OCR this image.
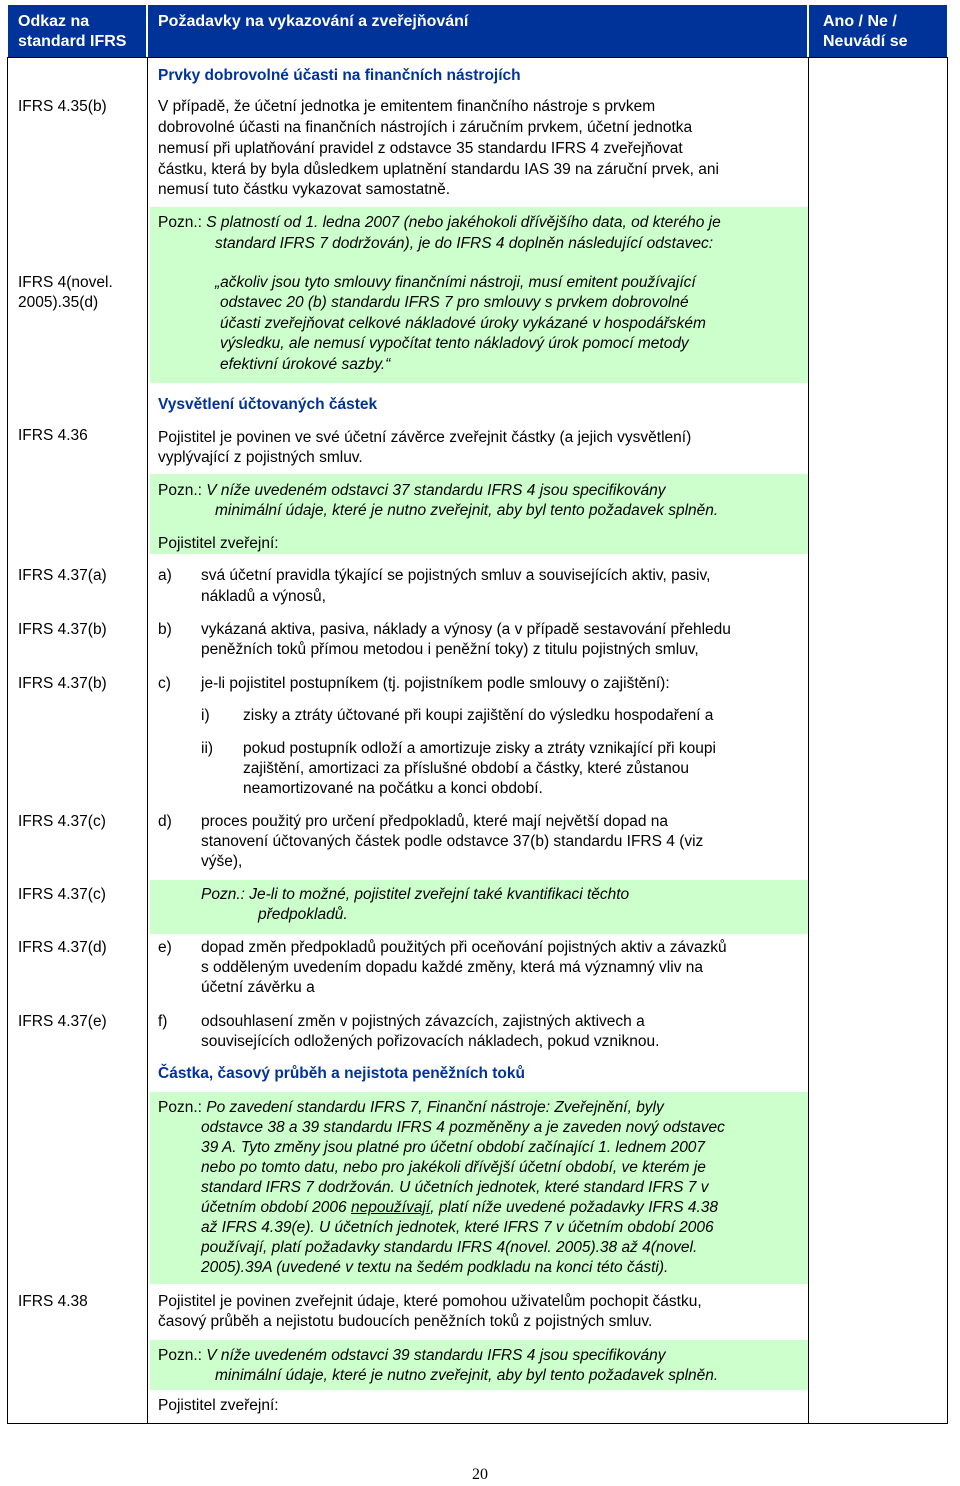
Odkaz na standard IFRS
Požadavky na vykazování a zveřejňování	Ano / Ne / Neuvádí se
IFRS 4.35(b)
IFRS 4(novel.
2005).35(d)
IFRS 4.36
IFRS 4.37(a)
IFRS 4.37(b)
IFRS 4.37(b)
IFRS 4.37(c)
IFRS 4.37(c)
IFRS 4.37(d)
IFRS 4.37(e)
IFRS 4.38
Prvky dobrovolné účasti na finančních nástrojích
V případě, že účetní jednotka je emitentem finančního nástroje s prvkem
dobrovolné účasti na finančních nástrojích i záručním prvkem, účetní jednotka
nemusí při uplatňování pravidel z odstavce 35 standardu IFRS 4 zveřejňovat
částku, která by byla důsledkem uplatnění standardu IAS 39 na záruční prvek, ani
nemusí tuto částku vykazovat samostatně.
Pozn.: S platností od 1. ledna 2007 (nebo jakéhokoli dřívějšího data, od kterého je
standard IFRS 7 dodržován), je do IFRS 4 doplněn následující odstavec:
„ačkoliv jsou tyto smlouvy finančními nástroji, musí emitent používající
odstavec 20 (b) standardu IFRS 7 pro smlouvy s prvkem dobrovolné
účasti zveřejňovat celkové nákladové úroky vykázané v hospodářském
výsledku, ale nemusí vypočítat tento nákladový úrok pomocí metody
efektivní úrokové sazby.“
Vysvětlení účtovaných částek
Pojistitel je povinen ve své účetní závěrce zveřejnit částky (a jejich vysvětlení)
vyplývající z pojistných smluv.
Pozn.: V níže uvedeném odstavci 37 standardu IFRS 4 jsou specifikovány
minimální údaje, které je nutno zveřejnit, aby byl tento požadavek splněn.
Pojistitel zveřejní:
a) svá účetní pravidla týkající se pojistných smluv a souvisejících aktiv, pasiv,
nákladů a výnosů,
b) vykázaná aktiva, pasiva, náklady a výnosy (a v případě sestavování přehledu
peněžních toků přímou metodou i peněžní toky) z titulu pojistných smluv,
c) je-li pojistitel postupníkem (tj. pojistníkem podle smlouvy o zajištění):
i) zisky a ztráty účtované při koupi zajištění do výsledku hospodaření a
ii) pokud postupník odloží a amortizuje zisky a ztráty vznikající při koupi
zajištění, amortizaci za příslušné období a částky, které zůstanou
neamortizované na počátku a konci období.
d) proces použitý pro určení předpokladů, které mají největší dopad na
stanovení účtovaných částek podle odstavce 37(b) standardu IFRS 4 (viz
výše),
Pozn.: Je-li to možné, pojistitel zveřejní také kvantifikaci těchto
předpokladů.
e) dopad změn předpokladů použitých při oceňování pojistných aktiv a závazků
s odděleným uvedením dopadu každé změny, která má významný vliv na
účetní závěrku a
f) odsouhlasení změn v pojistných závazcích, zajistných aktivech a
souvisejících odložených pořizovacích nákladech, pokud vzniknou.
Částka, časový průběh a nejistota peněžních toků
Pozn.: Po zavedení standardu IFRS 7, Finanční nástroje: Zveřejnění, byly
odstavce 38 a 39 standardu IFRS 4 pozměněny a je zaveden nový odstavec
39 A. Tyto změny jsou platné pro účetní období začínající 1. lednem 2007
nebo po tomto datu, nebo pro jakékoli dřívější účetní období, ve kterém je
standard IFRS 7 dodržován. U účetních jednotek, které standard IFRS 7 v
účetním období 2006 nepoužívají, platí níže uvedené požadavky IFRS 4.38
až IFRS 4.39(e). U účetních jednotek, které IFRS 7 v účetním období 2006
používají, platí požadavky standardu IFRS 4(novel. 2005).38 až 4(novel.
2005).39A (uvedené v textu na šedém podkladu na konci této části).
Pojistitel je povinen zveřejnit údaje, které pomohou uživatelům pochopit částku,
časový průběh a nejistotu budoucích peněžních toků z pojistných smluv.
Pozn.: V níže uvedeném odstavci 39 standardu IFRS 4 jsou specifikovány
minimální údaje, které je nutno zveřejnit, aby byl tento požadavek splněn.
Pojistitel zveřejní:
20
